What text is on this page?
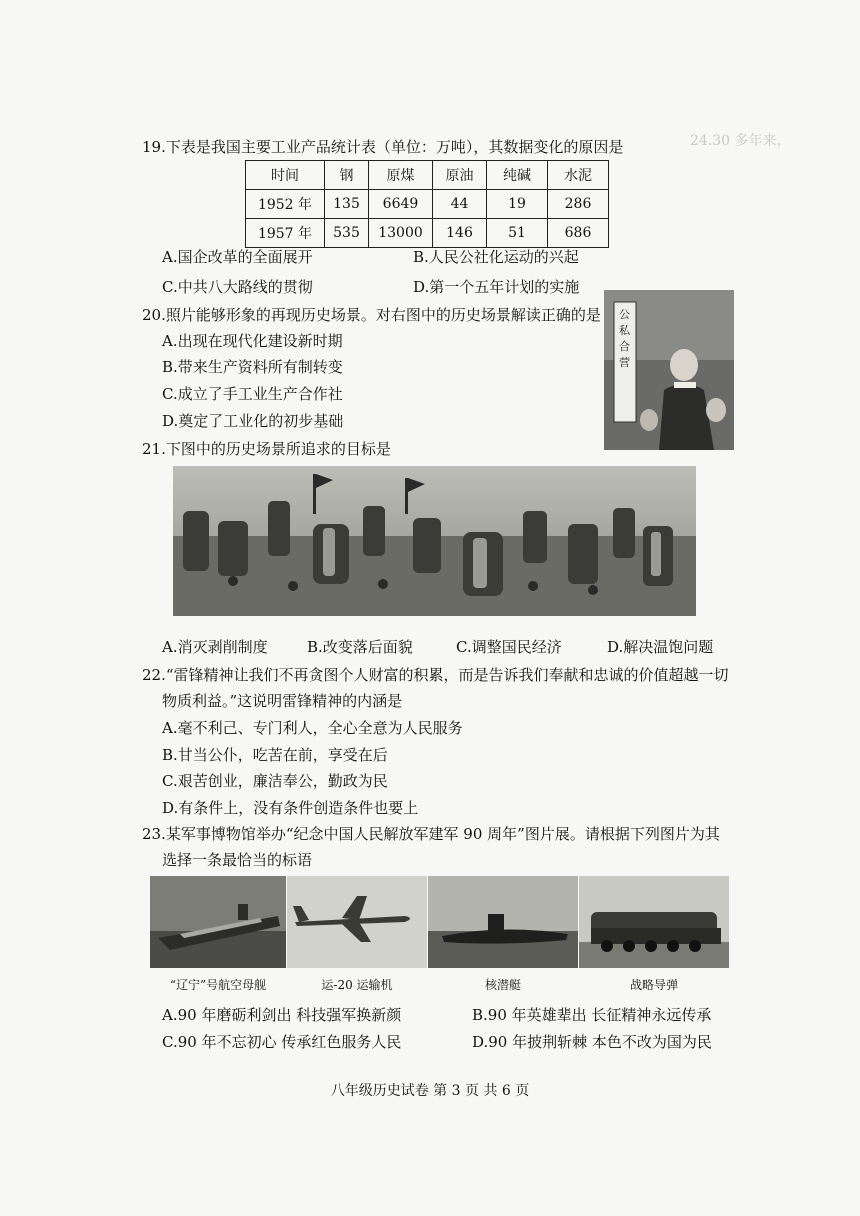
24.30 多年来，
19.下表是我国主要工业产品统计表（单位：万吨），其数据变化的原因是
时间	钢	原煤	原油	纯碱	水泥
1952 年	135	6649	44	19	286
1957 年	535	13000	146	51	686
A.国企改革的全面展开	B.人民公社化运动的兴起
C.中共八大路线的贯彻	D.第一个五年计划的实施
20.照片能够形象的再现历史场景。对右图中的历史场景解读正确的是
A.出现在现代化建设新时期
B.带来生产资料所有制转变
C.成立了手工业生产合作社
D.奠定了工业化的初步基础
公
私
合
营
21.下图中的历史场景所追求的目标是
A.消灭剥削制度	B.改变落后面貌	C.调整国民经济	D.解决温饱问题
22.“雷锋精神让我们不再贪图个人财富的积累，而是告诉我们奉献和忠诚的价值超越一切
物质利益。”这说明雷锋精神的内涵是
A.毫不利己、专门利人，全心全意为人民服务
B.甘当公仆，吃苦在前，享受在后
C.艰苦创业，廉洁奉公，勤政为民
D.有条件上，没有条件创造条件也要上
23.某军事博物馆举办“纪念中国人民解放军建军 90 周年”图片展。请根据下列图片为其
选择一条最恰当的标语
“辽宁”号航空母舰	运-20 运输机	核潜艇	战略导弹
A.90 年磨砺利剑出 科技强军换新颜	B.90 年英雄辈出 长征精神永远传承
C.90 年不忘初心 传承红色服务人民	D.90 年披荆斩棘 本色不改为国为民
八年级历史试卷 第 3 页 共 6 页
